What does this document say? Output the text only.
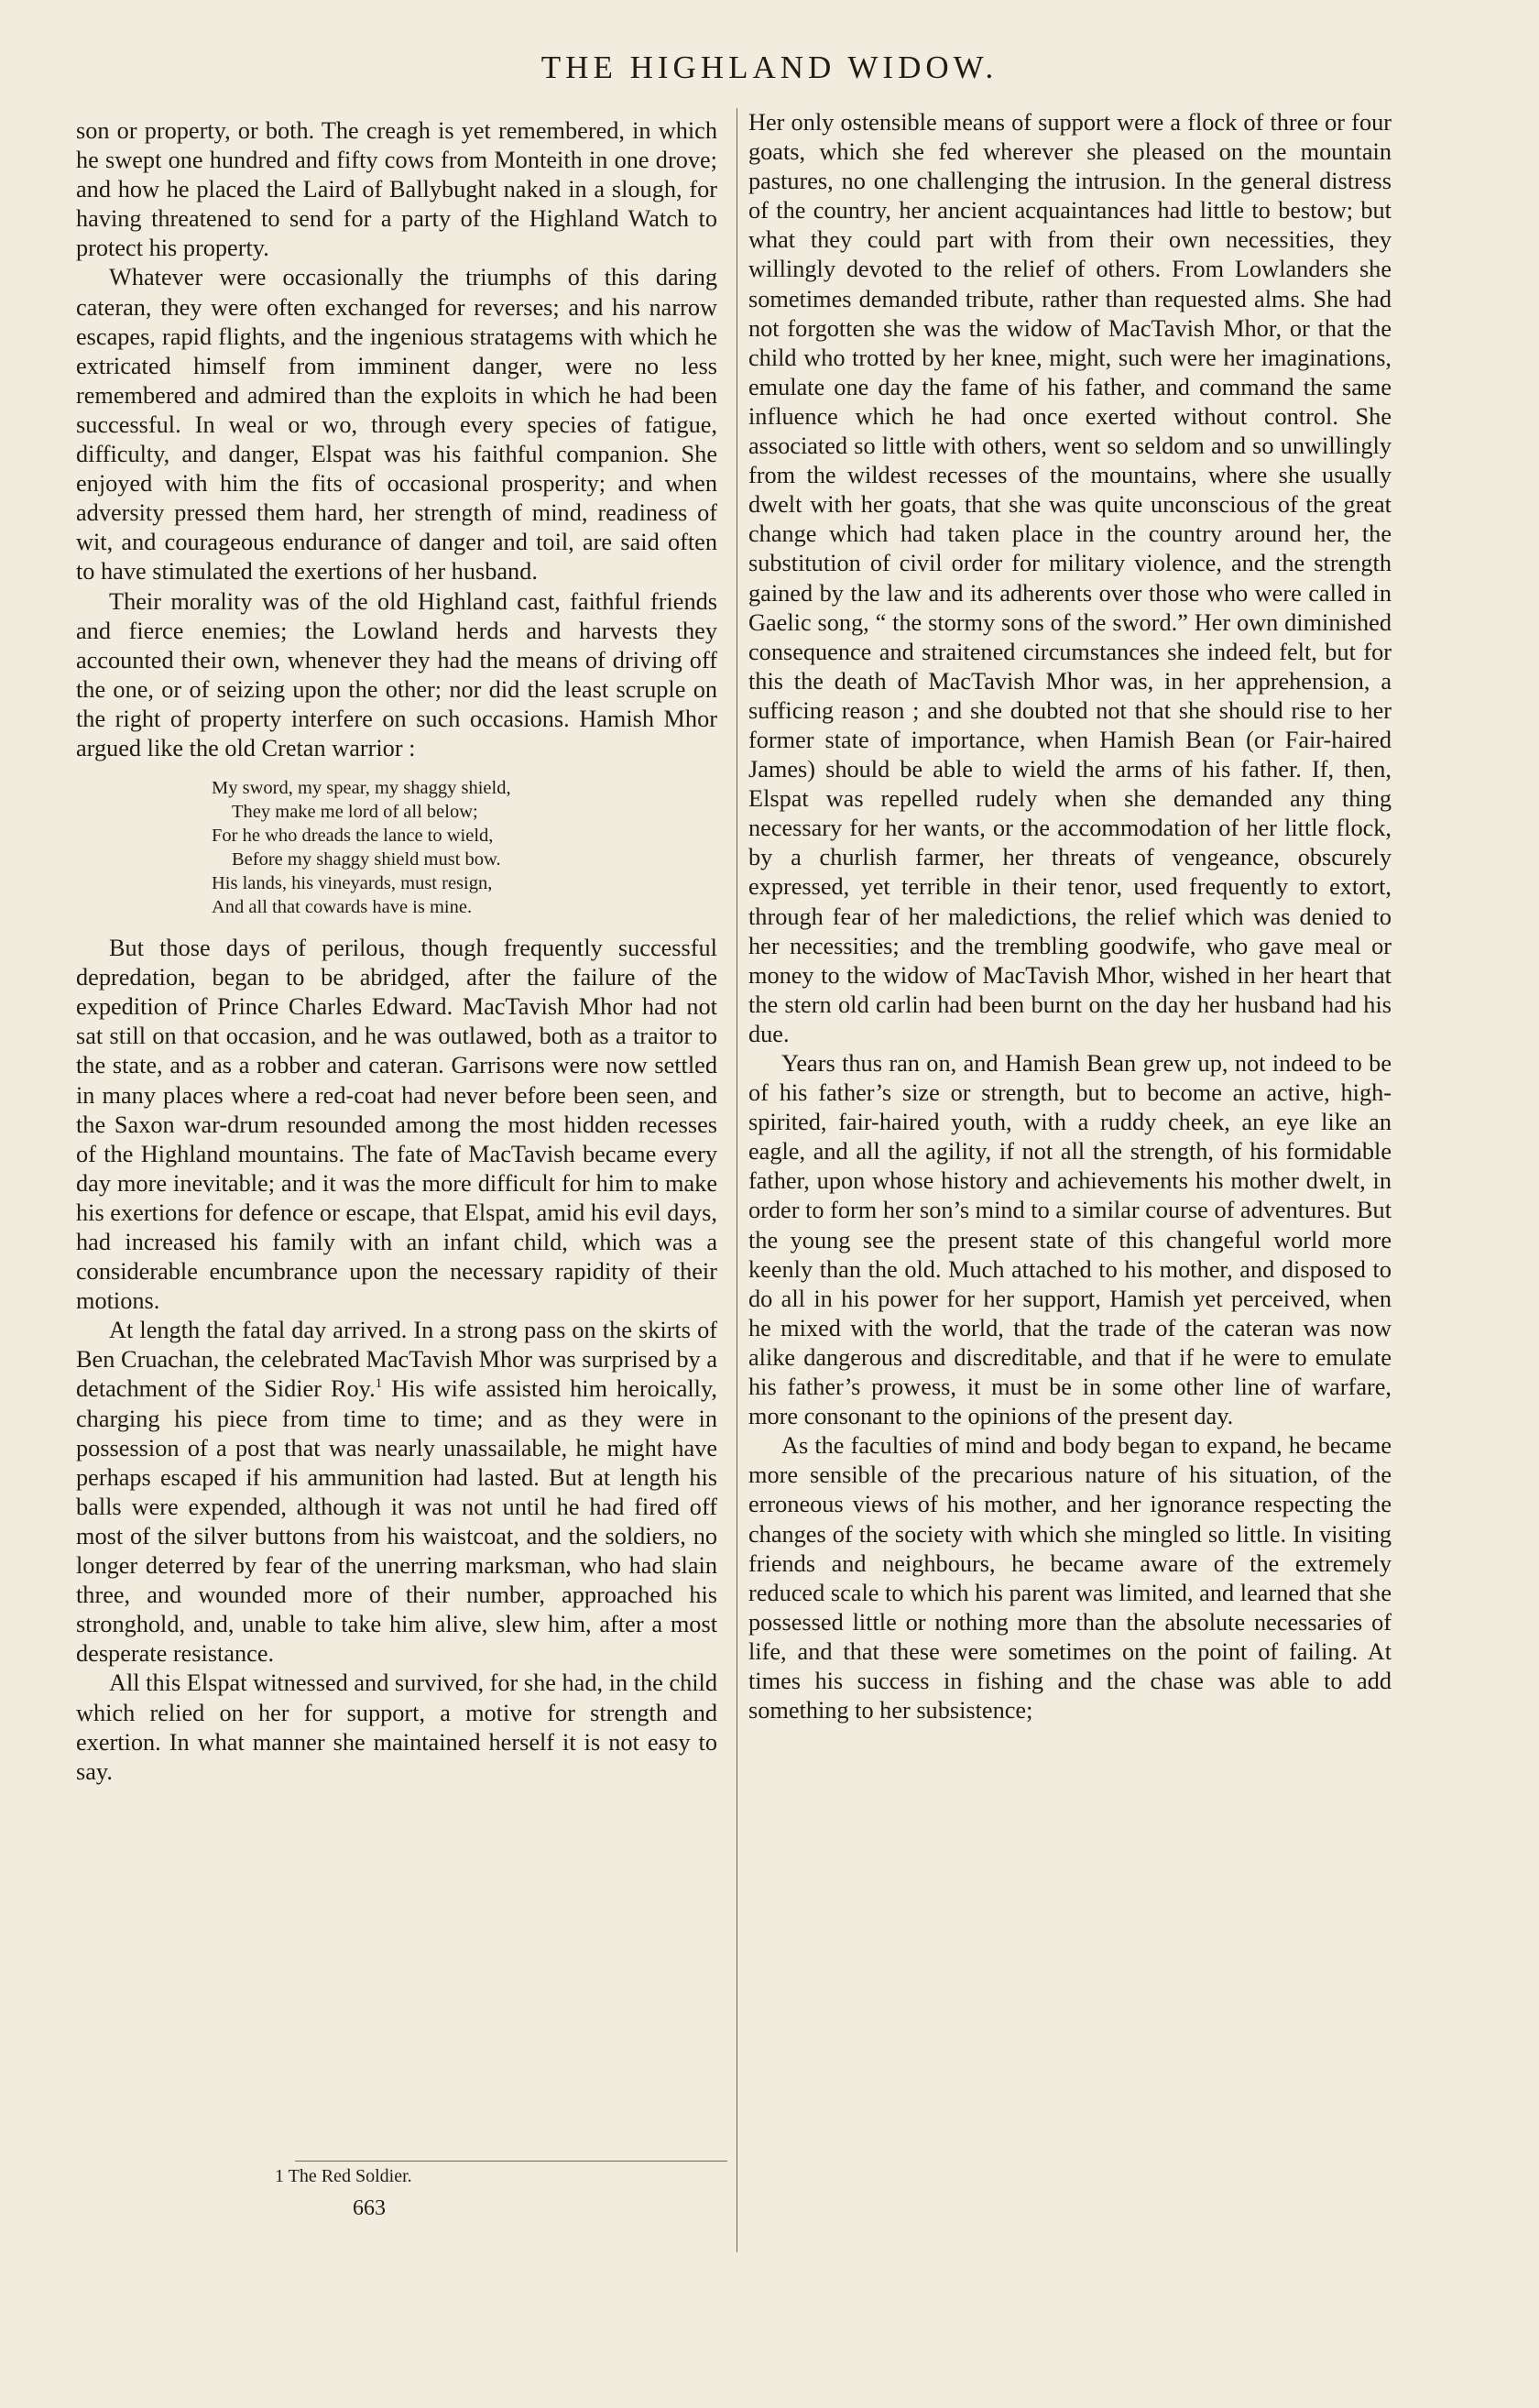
THE HIGHLAND WIDOW.

son or property, or both. The creagh is yet remembered, in which he swept one hundred and fifty cows from Monteith in one drove; and how he placed the Laird of Ballybught naked in a slough, for having threatened to send for a party of the Highland Watch to protect his property.

Whatever were occasionally the triumphs of this daring cateran, they were often exchanged for reverses; and his narrow escapes, rapid flights, and the ingenious stratagems with which he extricated himself from imminent danger, were no less remembered and admired than the exploits in which he had been successful. In weal or wo, through every species of fatigue, difficulty, and danger, Elspat was his faithful companion. She enjoyed with him the fits of occasional prosperity; and when adversity pressed them hard, her strength of mind, readiness of wit, and courageous endurance of danger and toil, are said often to have stimulated the exertions of her husband.

Their morality was of the old Highland cast, faithful friends and fierce enemies; the Lowland herds and harvests they accounted their own, whenever they had the means of driving off the one, or of seizing upon the other; nor did the least scruple on the right of property interfere on such occasions. Hamish Mhor argued like the old Cretan warrior :

My sword, my spear, my shaggy shield,
They make me lord of all below;
For he who dreads the lance to wield,
Before my shaggy shield must bow.
His lands, his vineyards, must resign,
And all that cowards have is mine.

But those days of perilous, though frequently successful depredation, began to be abridged, after the failure of the expedition of Prince Charles Edward. MacTavish Mhor had not sat still on that occasion, and he was outlawed, both as a traitor to the state, and as a robber and cateran. Garrisons were now settled in many places where a red-coat had never before been seen, and the Saxon war-drum resounded among the most hidden recesses of the Highland mountains. The fate of MacTavish became every day more inevitable; and it was the more difficult for him to make his exertions for defence or escape, that Elspat, amid his evil days, had increased his family with an infant child, which was a considerable encumbrance upon the necessary rapidity of their motions.

At length the fatal day arrived. In a strong pass on the skirts of Ben Cruachan, the celebrated MacTavish Mhor was surprised by a detachment of the Sidier Roy.$^1$ His wife assisted him heroically, charging his piece from time to time; and as they were in possession of a post that was nearly unassailable, he might have perhaps escaped if his ammunition had lasted. But at length his balls were expended, although it was not until he had fired off most of the silver buttons from his waistcoat, and the soldiers, no longer deterred by fear of the unerring marksman, who had slain three, and wounded more of their number, approached his stronghold, and, unable to take him alive, slew him, after a most desperate resistance.

All this Elspat witnessed and survived, for she had, in the child which relied on her for support, a motive for strength and exertion. In what manner she maintained herself it is not easy to say.

Her only ostensible means of support were a flock of three or four goats, which she fed wherever she pleased on the mountain pastures, no one challenging the intrusion. In the general distress of the country, her ancient acquaintances had little to bestow; but what they could part with from their own necessities, they willingly devoted to the relief of others. From Lowlanders she sometimes demanded tribute, rather than requested alms. She had not forgotten she was the widow of MacTavish Mhor, or that the child who trotted by her knee, might, such were her imaginations, emulate one day the fame of his father, and command the same influence which he had once exerted without control. She associated so little with others, went so seldom and so unwillingly from the wildest recesses of the mountains, where she usually dwelt with her goats, that she was quite unconscious of the great change which had taken place in the country around her, the substitution of civil order for military violence, and the strength gained by the law and its adherents over those who were called in Gaelic song, “ the stormy sons of the sword.” Her own diminished consequence and straitened circumstances she indeed felt, but for this the death of MacTavish Mhor was, in her apprehension, a sufficing reason ; and she doubted not that she should rise to her former state of importance, when Hamish Bean (or Fair-haired James) should be able to wield the arms of his father. If, then, Elspat was repelled rudely when she demanded any thing necessary for her wants, or the accommodation of her little flock, by a churlish farmer, her threats of vengeance, obscurely expressed, yet terrible in their tenor, used frequently to extort, through fear of her maledictions, the relief which was denied to her necessities; and the trembling goodwife, who gave meal or money to the widow of MacTavish Mhor, wished in her heart that the stern old carlin had been burnt on the day her husband had his due.

Years thus ran on, and Hamish Bean grew up, not indeed to be of his father’s size or strength, but to become an active, high-spirited, fair-haired youth, with a ruddy cheek, an eye like an eagle, and all the agility, if not all the strength, of his formidable father, upon whose history and achievements his mother dwelt, in order to form her son’s mind to a similar course of adventures. But the young see the present state of this changeful world more keenly than the old. Much attached to his mother, and disposed to do all in his power for her support, Hamish yet perceived, when he mixed with the world, that the trade of the cateran was now alike dangerous and discreditable, and that if he were to emulate his father’s prowess, it must be in some other line of warfare, more consonant to the opinions of the present day.

As the faculties of mind and body began to expand, he became more sensible of the precarious nature of his situation, of the erroneous views of his mother, and her ignorance respecting the changes of the society with which she mingled so little. In visiting friends and neighbours, he became aware of the extremely reduced scale to which his parent was limited, and learned that she possessed little or nothing more than the absolute necessaries of life, and that these were sometimes on the point of failing. At times his success in fishing and the chase was able to add something to her subsistence;

1 The Red Soldier.
663
